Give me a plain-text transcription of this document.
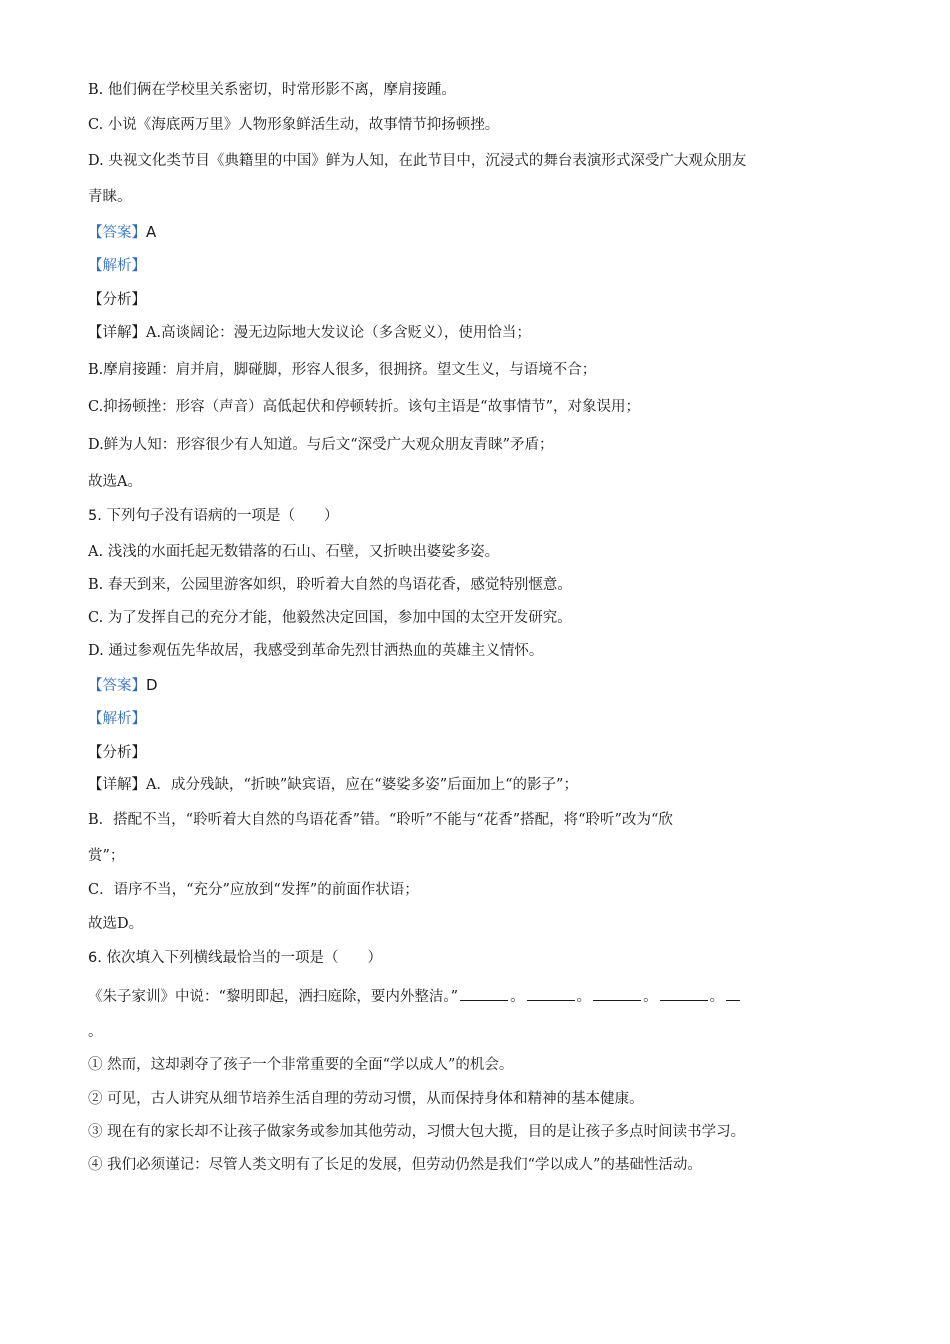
B. 他们俩在学校里关系密切，时常形影不离，摩肩接踵。
C. 小说《海底两万里》人物形象鲜活生动，故事情节抑扬顿挫。
D. 央视文化类节目《典籍里的中国》鲜为人知，在此节目中，沉浸式的舞台表演形式深受广大观众朋友
青睐。
【答案】A
【解析】
【分析】
【详解】A.高谈阔论：漫无边际地大发议论（多含贬义），使用恰当；
B.摩肩接踵：肩并肩，脚碰脚，形容人很多，很拥挤。望文生义，与语境不合；
C.抑扬顿挫：形容（声音）高低起伏和停顿转折。该句主语是“故事情节”，对象误用；
D.鲜为人知：形容很少有人知道。与后文“深受广大观众朋友青睐”矛盾；
故选A。
5. 下列句子没有语病的一项是（　　）
A. 浅浅的水面托起无数错落的石山、石壁，又折映出婆娑多姿。
B. 春天到来，公园里游客如织，聆听着大自然的鸟语花香，感觉特别惬意。
C. 为了发挥自己的充分才能，他毅然决定回国，参加中国的太空开发研究。
D. 通过参观伍先华故居，我感受到革命先烈甘洒热血的英雄主义情怀。
【答案】D
【解析】
【分析】
【详解】A．成分残缺，“折映”缺宾语，应在“婆娑多姿”后面加上“的影子”；
B．搭配不当，“聆听着大自然的鸟语花香”错。“聆听”不能与“花香”搭配，将“聆听”改为“欣
赏”；
C．语序不当，“充分”应放到“发挥”的前面作状语；
故选D。
6. 依次填入下列横线最恰当的一项是（　　）
《朱子家训》中说：“黎明即起，洒扫庭除，要内外整洁。”	。	。	。	。
。
① 然而，这却剥夺了孩子一个非常重要的全面“学以成人”的机会。
② 可见，古人讲究从细节培养生活自理的劳动习惯，从而保持身体和精神的基本健康。
③ 现在有的家长却不让孩子做家务或参加其他劳动，习惯大包大揽，目的是让孩子多点时间读书学习。
④ 我们必须谨记：尽管人类文明有了长足的发展，但劳动仍然是我们“学以成人”的基础性活动。
